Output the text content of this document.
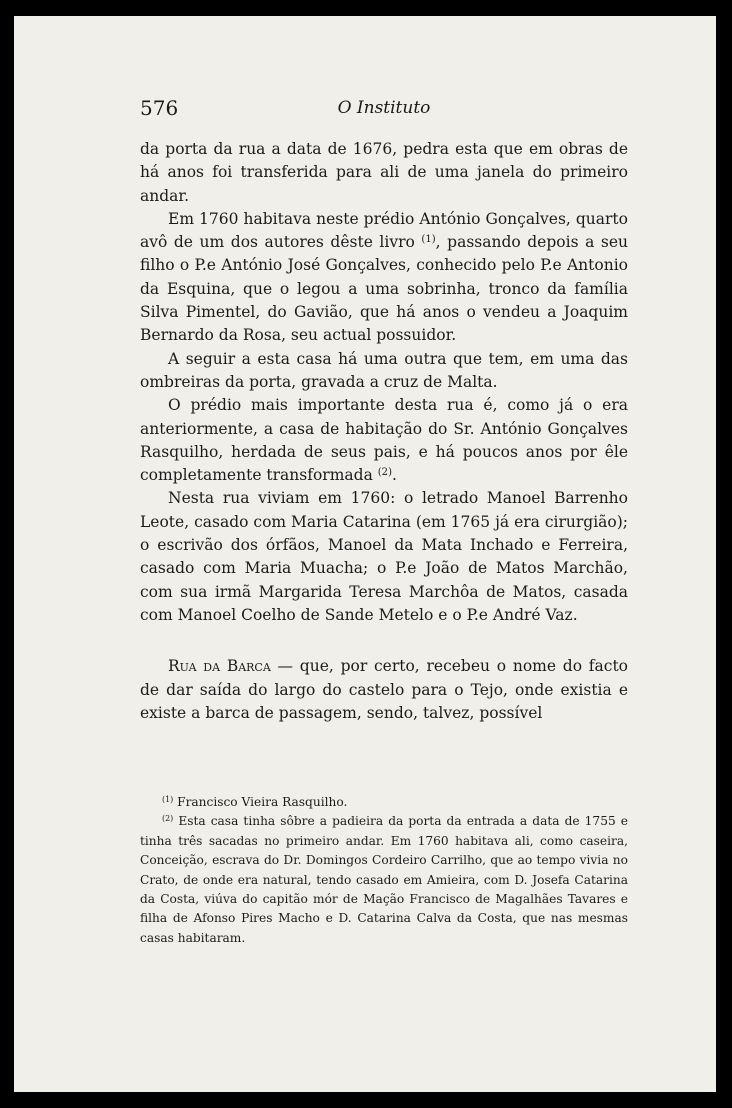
576	O Instituto

da porta da rua a data de 1676, pedra esta que em obras de há anos foi transferida para ali de uma janela do primeiro andar.

Em 1760 habitava neste prédio António Gonçalves, quarto avô de um dos autores dêste livro $^{(1)}$, passando depois a seu filho o P.e António José Gonçalves, conhecido pelo P.e Antonio da Esquina, que o legou a uma sobrinha, tronco da família Silva Pimentel, do Gavião, que há anos o vendeu a Joaquim Bernardo da Rosa, seu actual possuidor.

A seguir a esta casa há uma outra que tem, em uma das ombreiras da porta, gravada a cruz de Malta.

O prédio mais importante desta rua é, como já o era anteriormente, a casa de habitação do Sr. António Gonçalves Rasquilho, herdada de seus pais, e há poucos anos por êle completamente transformada $^{(2)}$.

Nesta rua viviam em 1760: o letrado Manoel Barrenho Leote, casado com Maria Catarina (em 1765 já era cirurgião); o escrivão dos órfãos, Manoel da Mata Inchado e Ferreira, casado com Maria Muacha; o P.e João de Matos Marchão, com sua irmã Margarida Teresa Marchôa de Matos, casada com Manoel Coelho de Sande Metelo e o P.e André Vaz.

Rua da Barca — que, por certo, recebeu o nome do facto de dar saída do largo do castelo para o Tejo, onde existia e existe a barca de passagem, sendo, talvez, possível

$^{(1)}$ Francisco Vieira Rasquilho.

$^{(2)}$ Esta casa tinha sôbre a padieira da porta da entrada a data de 1755 e tinha três sacadas no primeiro andar. Em 1760 habitava ali, como caseira, Conceição, escrava do Dr. Domingos Cordeiro Carrilho, que ao tempo vivia no Crato, de onde era natural, tendo casado em Amieira, com D. Josefa Catarina da Costa, viúva do capitão mór de Mação Francisco de Magalhães Tavares e filha de Afonso Pires Macho e D. Catarina Calva da Costa, que nas mesmas casas habitaram.
